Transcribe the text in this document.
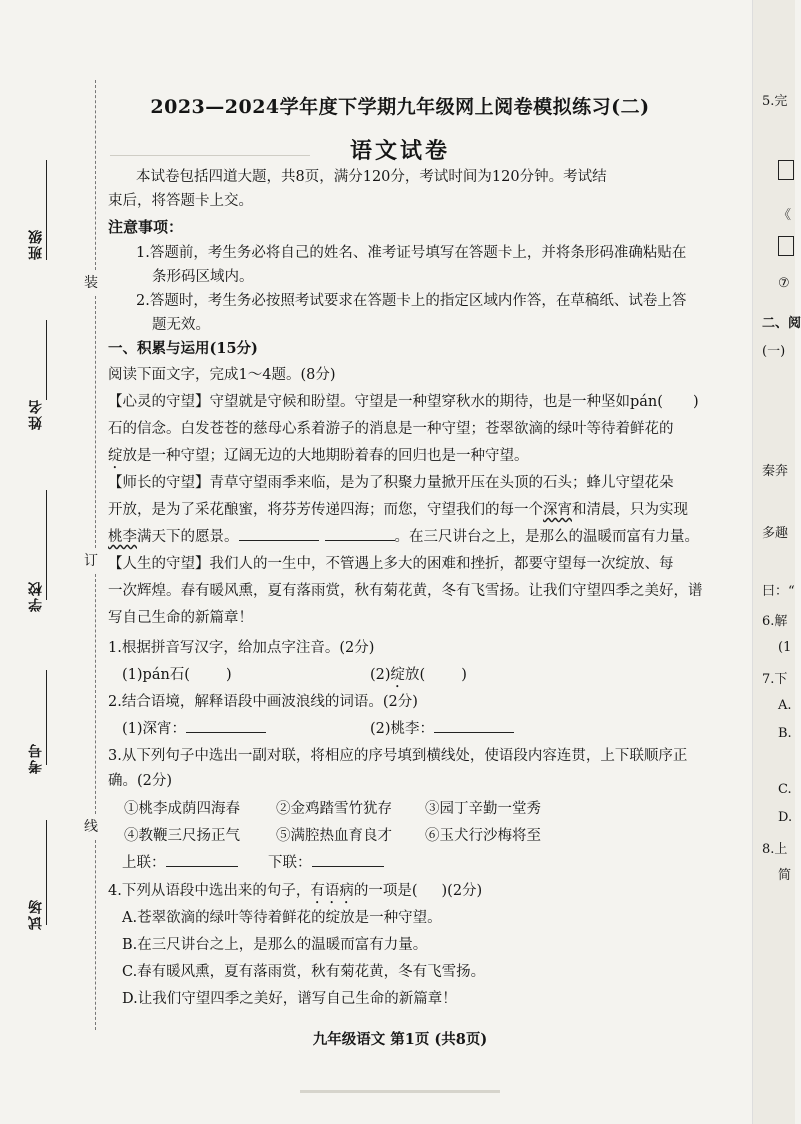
班级
姓名
学校
考号
试场
装
订
线
2023—2024学年度下学期九年级网上阅卷模拟练习(二)
语文试卷
本试卷包括四道大题，共8页，满分120分，考试时间为120分钟。考试结
束后，将答题卡上交。
注意事项：
1.答题前，考生务必将自己的姓名、准考证号填写在答题卡上，并将条形码准确粘贴在
条形码区域内。
2.答题时，考生务必按照考试要求在答题卡上的指定区域内作答，在草稿纸、试卷上答
题无效。
一、积累与运用(15分)
阅读下面文字，完成1～4题。(8分)
【心灵的守望】守望就是守候和盼望。守望是一种望穿秋水的期待，也是一种坚如pán( )
石的信念。白发苍苍的慈母心系着游子的消息是一种守望；苍翠欲滴的绿叶等待着鲜花的
绽放是一种守望；辽阔无边的大地期盼着春的回归也是一种守望。
【师长的守望】青草守望雨季来临，是为了积聚力量掀开压在头顶的石头；蜂儿守望花朵
开放，是为了采花酿蜜，将芬芳传递四海；而您，守望我们的每一个深宵和清晨，只为实现
桃李满天下的愿景。	。在三尺讲台之上，是那么的温暖而富有力量。
【人生的守望】我们人的一生中，不管遇上多大的困难和挫折，都要守望每一次绽放、每
一次辉煌。春有暖风熏，夏有落雨赏，秋有菊花黄，冬有飞雪扬。让我们守望四季之美好，谱
写自己生命的新篇章！
1.根据拼音写汉字，给加点字注音。(2分)
(1)pán石( )	(2)绽放( )
2.结合语境，解释语段中画波浪线的词语。(2分)
(1)深宵：	(2)桃李：
3.从下列句子中选出一副对联，将相应的序号填到横线处，使语段内容连贯，上下联顺序正
确。(2分)
①桃李成荫四海春 ②金鸡踏雪竹犹存 ③园丁辛勤一堂秀
④教鞭三尺扬正气 ⑤满腔热血育良才 ⑥玉犬行沙梅将至
上联：	下联：
4.下列从语段中选出来的句子，有语病的一项是( )(2分)
A.苍翠欲滴的绿叶等待着鲜花的绽放是一种守望。
B.在三尺讲台之上，是那么的温暖而富有力量。
C.春有暖风熏，夏有落雨赏，秋有菊花黄，冬有飞雪扬。
D.让我们守望四季之美好，谱写自己生命的新篇章！
九年级语文 第1页 (共8页)
5.完
《
⑦
二、阅
(一)
秦奔
多趣
曰：“
6.解
(1
7.下
A.
B.
C.
D.
8.上
简
